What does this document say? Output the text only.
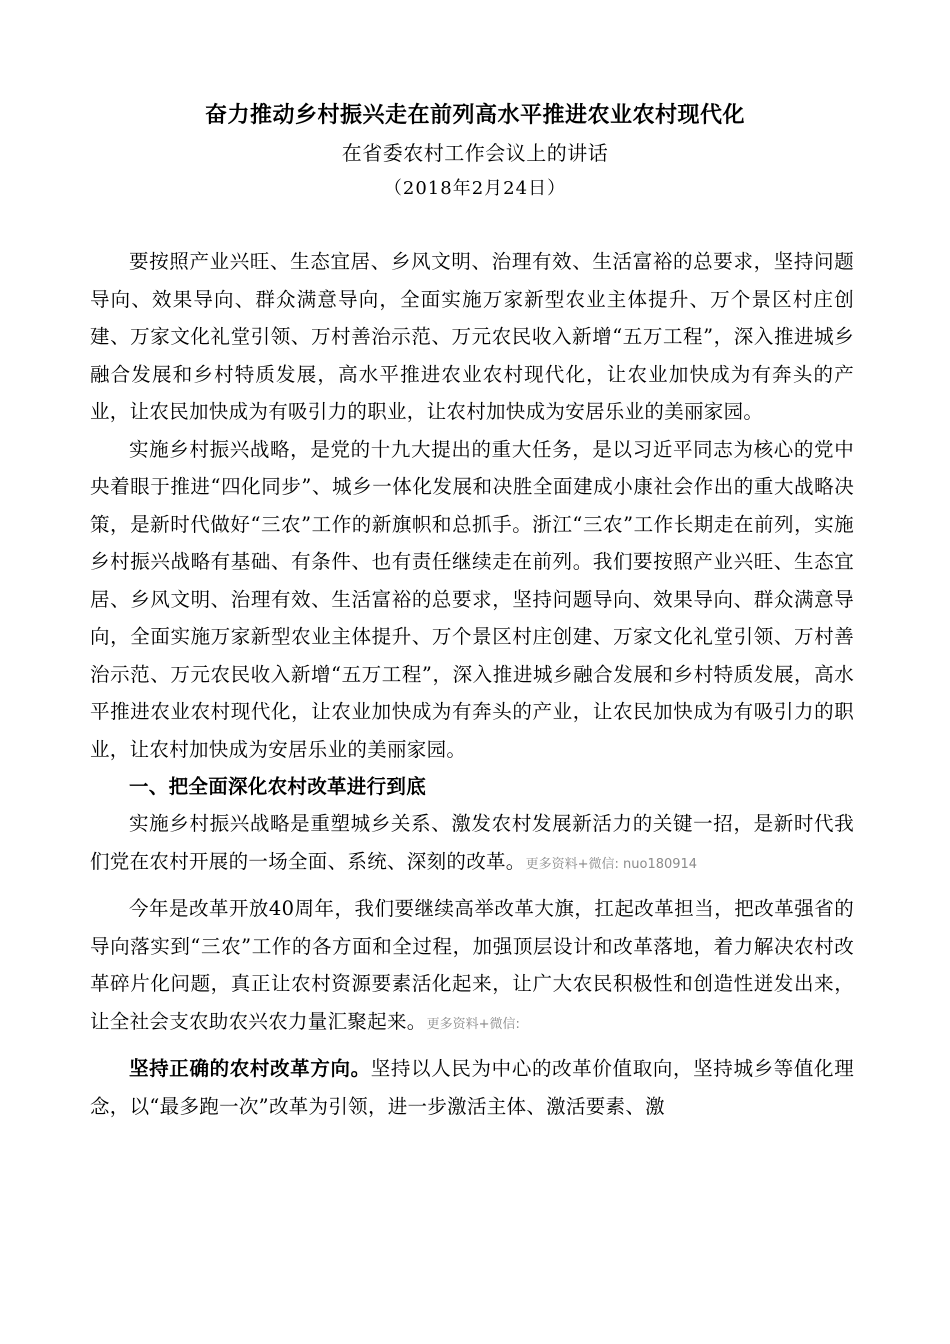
奋力推动乡村振兴走在前列高水平推进农业农村现代化
在省委农村工作会议上的讲话
（2018年2月24日）

要按照产业兴旺、生态宜居、乡风文明、治理有效、生活富裕的总要求，坚持问题导向、效果导向、群众满意导向，全面实施万家新型农业主体提升、万个景区村庄创建、万家文化礼堂引领、万村善治示范、万元农民收入新增“五万工程”，深入推进城乡融合发展和乡村特质发展，高水平推进农业农村现代化，让农业加快成为有奔头的产业，让农民加快成为有吸引力的职业，让农村加快成为安居乐业的美丽家园。

实施乡村振兴战略，是党的十九大提出的重大任务，是以习近平同志为核心的党中央着眼于推进“四化同步”、城乡一体化发展和决胜全面建成小康社会作出的重大战略决策，是新时代做好“三农”工作的新旗帜和总抓手。浙江“三农”工作长期走在前列，实施乡村振兴战略有基础、有条件、也有责任继续走在前列。我们要按照产业兴旺、生态宜居、乡风文明、治理有效、生活富裕的总要求，坚持问题导向、效果导向、群众满意导向，全面实施万家新型农业主体提升、万个景区村庄创建、万家文化礼堂引领、万村善治示范、万元农民收入新增“五万工程”，深入推进城乡融合发展和乡村特质发展，高水平推进农业农村现代化，让农业加快成为有奔头的产业，让农民加快成为有吸引力的职业，让农村加快成为安居乐业的美丽家园。

一、把全面深化农村改革进行到底

实施乡村振兴战略是重塑城乡关系、激发农村发展新活力的关键一招，是新时代我们党在农村开展的一场全面、系统、深刻的改革。更多资料+微信: nuo180914

今年是改革开放40周年，我们要继续高举改革大旗，扛起改革担当，把改革强省的导向落实到“三农”工作的各方面和全过程，加强顶层设计和改革落地，着力解决农村改革碎片化问题，真正让农村资源要素活化起来，让广大农民积极性和创造性迸发出来，让全社会支农助农兴农力量汇聚起来。更多资料+微信:

坚持正确的农村改革方向。坚持以人民为中心的改革价值取向，坚持城乡等值化理念，以“最多跑一次”改革为引领，进一步激活主体、激活要素、激
